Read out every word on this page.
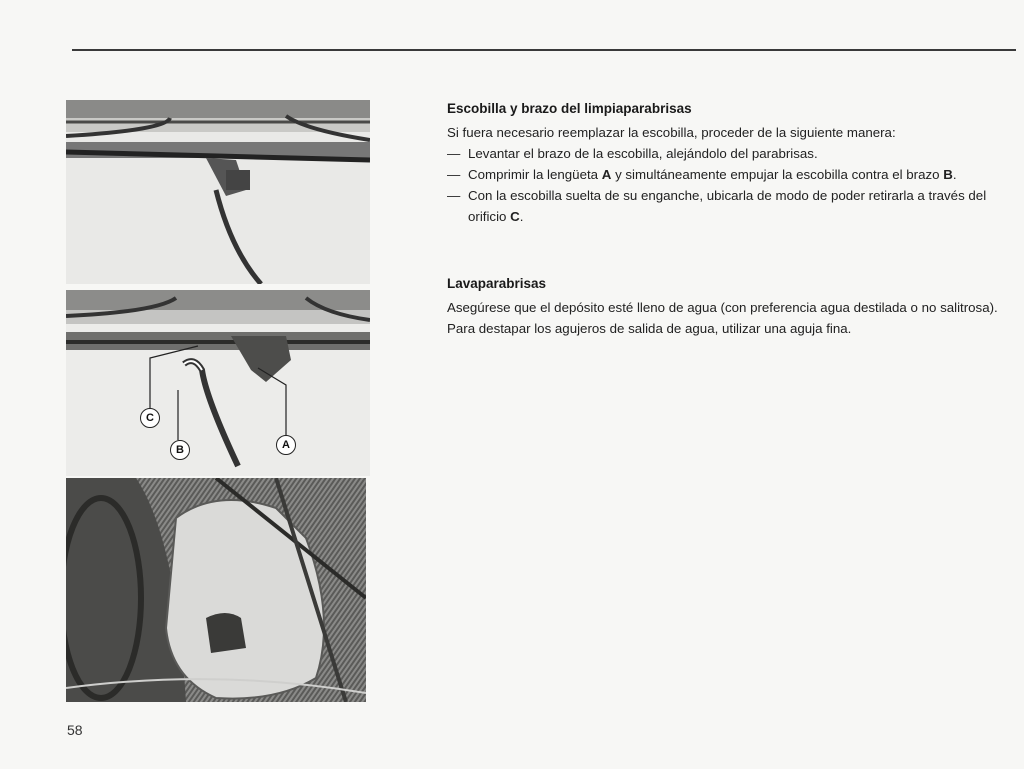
C
B	A
Escobilla y brazo del limpiaparabrisas

Si fuera necesario reemplazar la escobilla, proceder de la siguiente manera:

— Levantar el brazo de la escobilla, alejándolo del parabrisas.

— Comprimir la lengüeta A y simultáneamente empujar la escobilla contra el brazo B.

— Con la escobilla suelta de su enganche, ubicarla de modo de poder retirarla a través del orificio C.

Lavaparabrisas

Asegúrese que el depósito esté lleno de agua (con preferencia agua destilada o no salitrosa).

Para destapar los agujeros de salida de agua, utilizar una aguja fina.

58
